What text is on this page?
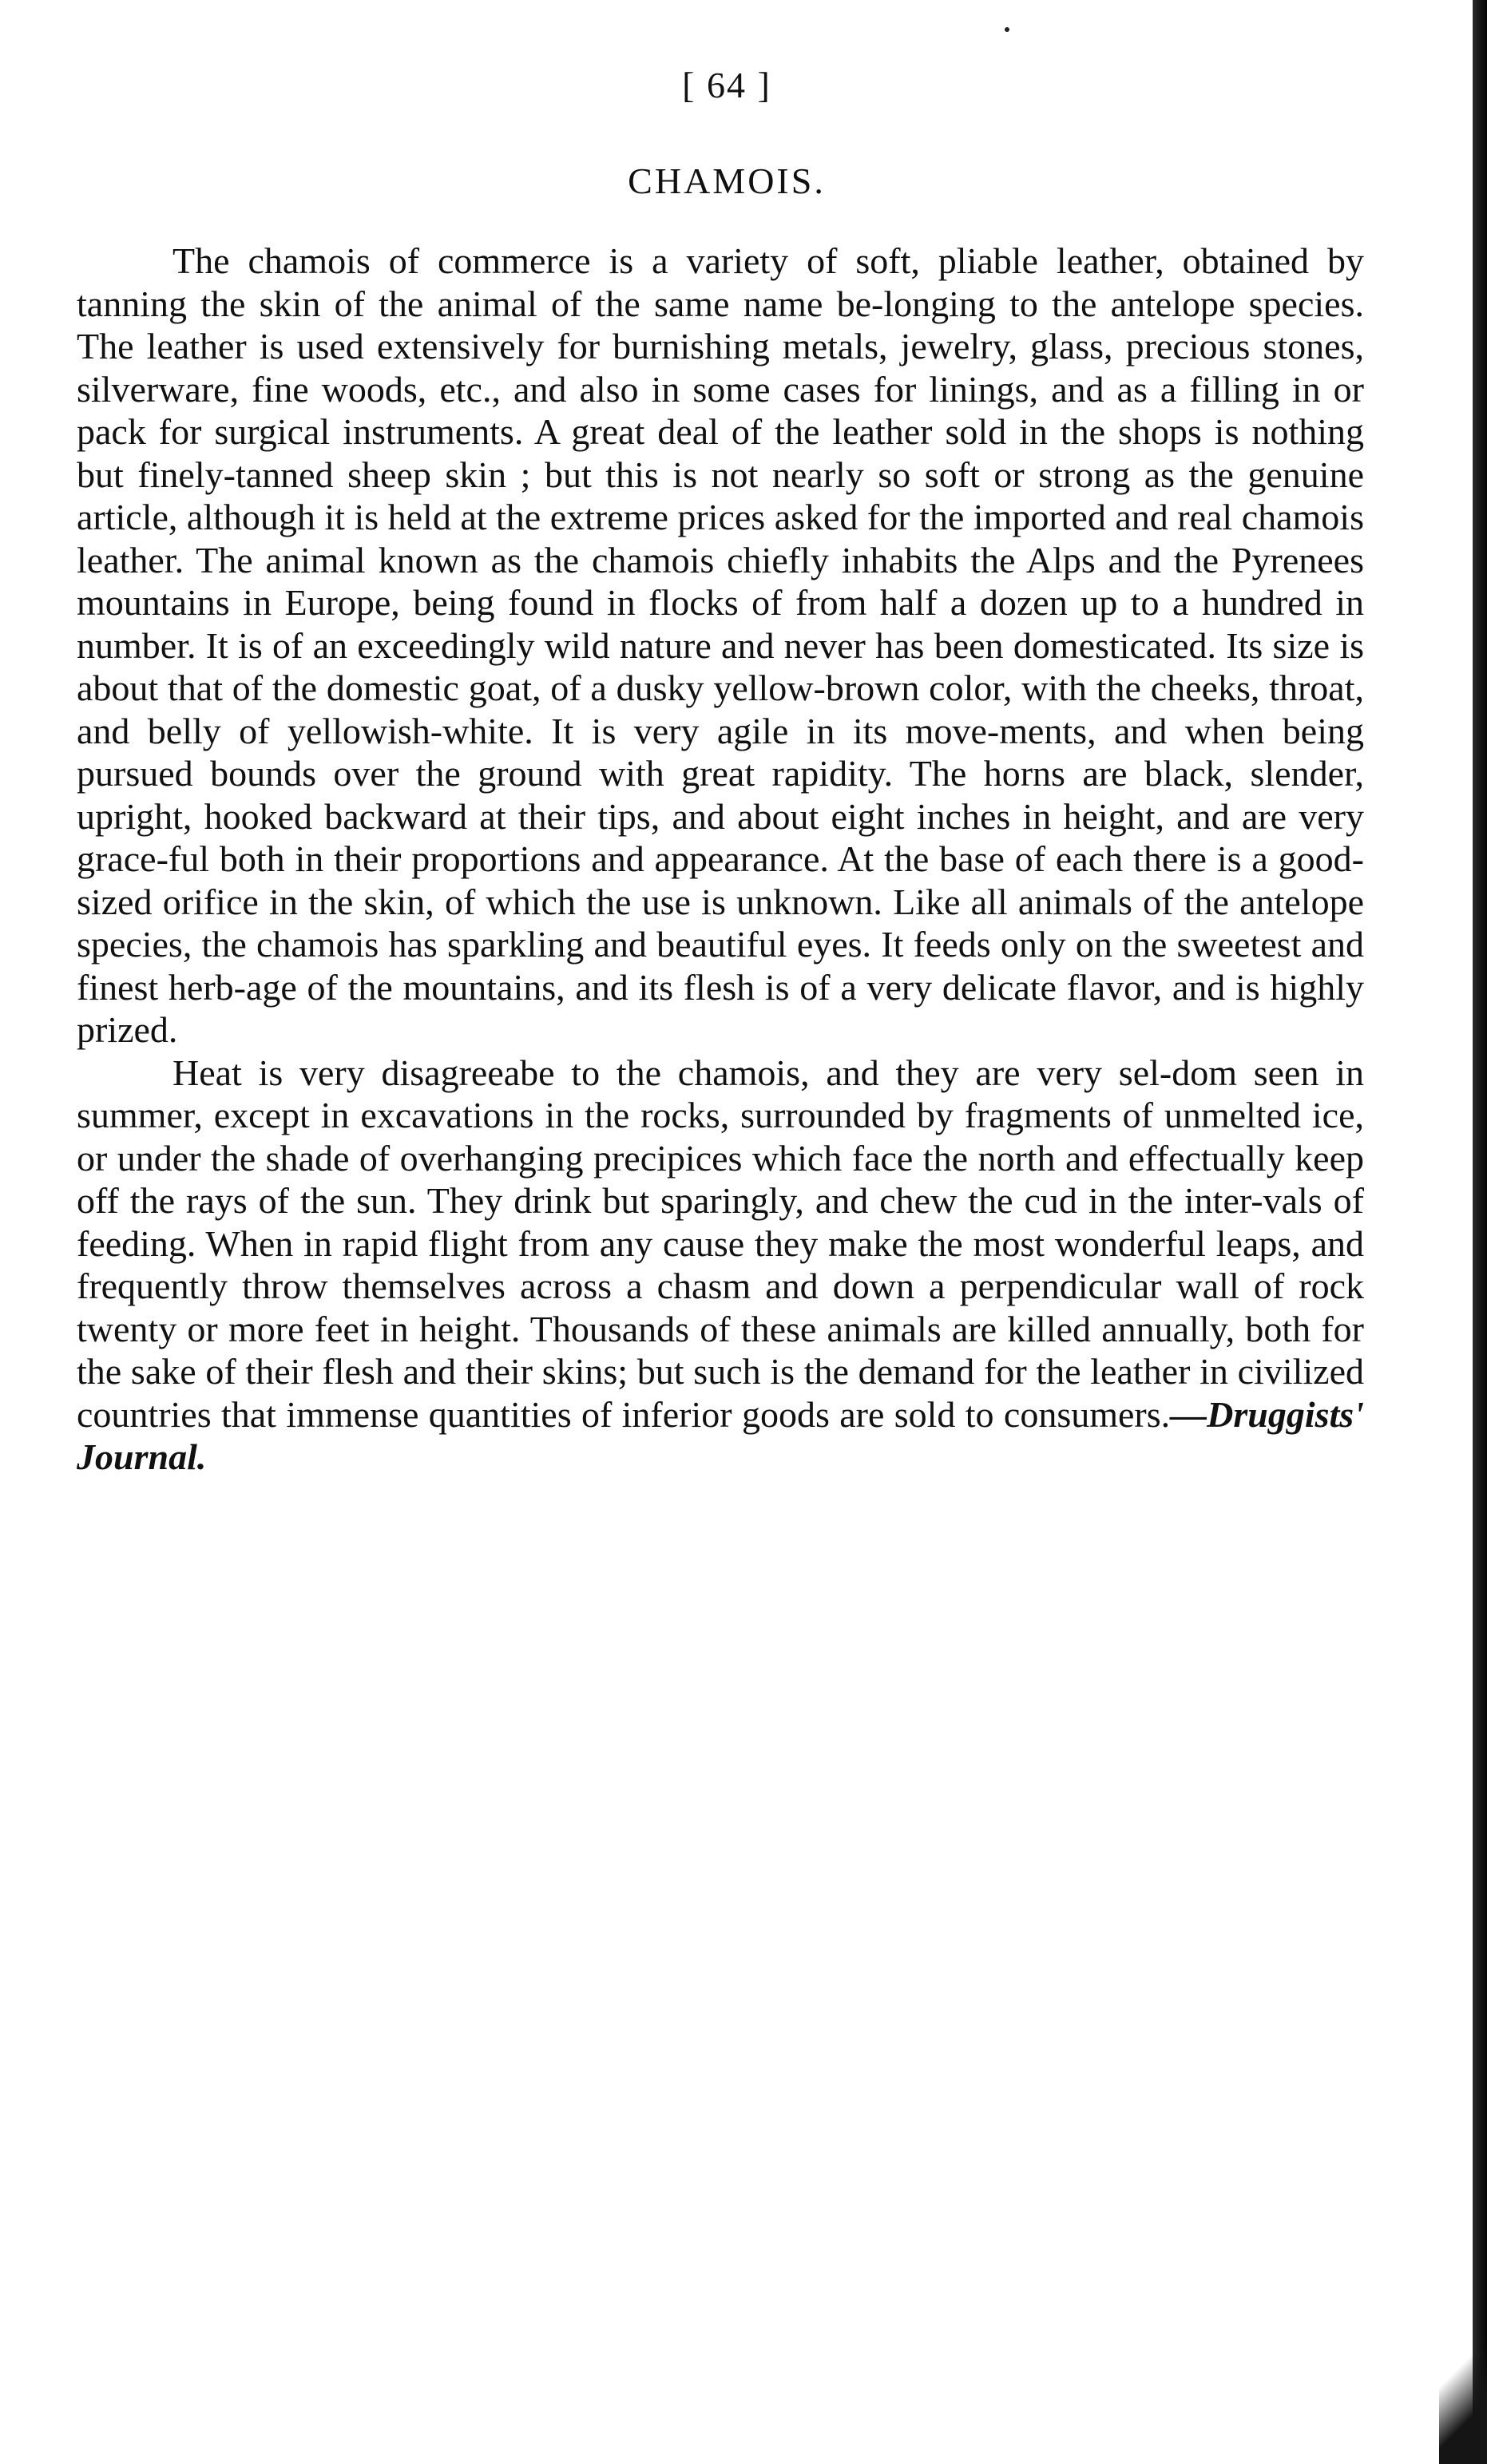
[ 64 ]
CHAMOIS.

The chamois of commerce is a variety of soft, pliable leather, obtained by tanning the skin of the animal of the same name be-longing to the antelope species. The leather is used extensively for burnishing metals, jewelry, glass, precious stones, silverware, fine woods, etc., and also in some cases for linings, and as a filling in or pack for surgical instruments. A great deal of the leather sold in the shops is nothing but finely-tanned sheep skin ; but this is not nearly so soft or strong as the genuine article, although it is held at the extreme prices asked for the imported and real chamois leather. The animal known as the chamois chiefly inhabits the Alps and the Pyrenees mountains in Europe, being found in flocks of from half a dozen up to a hundred in number. It is of an exceedingly wild nature and never has been domesticated. Its size is about that of the domestic goat, of a dusky yellow-brown color, with the cheeks, throat, and belly of yellowish-white. It is very agile in its move-ments, and when being pursued bounds over the ground with great rapidity. The horns are black, slender, upright, hooked backward at their tips, and about eight inches in height, and are very grace-ful both in their proportions and appearance. At the base of each there is a good-sized orifice in the skin, of which the use is unknown. Like all animals of the antelope species, the chamois has sparkling and beautiful eyes. It feeds only on the sweetest and finest herb-age of the mountains, and its flesh is of a very delicate flavor, and is highly prized.

Heat is very disagreeabe to the chamois, and they are very sel-dom seen in summer, except in excavations in the rocks, surrounded by fragments of unmelted ice, or under the shade of overhanging precipices which face the north and effectually keep off the rays of the sun. They drink but sparingly, and chew the cud in the inter-vals of feeding. When in rapid flight from any cause they make the most wonderful leaps, and frequently throw themselves across a chasm and down a perpendicular wall of rock twenty or more feet in height. Thousands of these animals are killed annually, both for the sake of their flesh and their skins; but such is the demand for the leather in civilized countries that immense quantities of inferior goods are sold to consumers.—Druggists' Journal.
